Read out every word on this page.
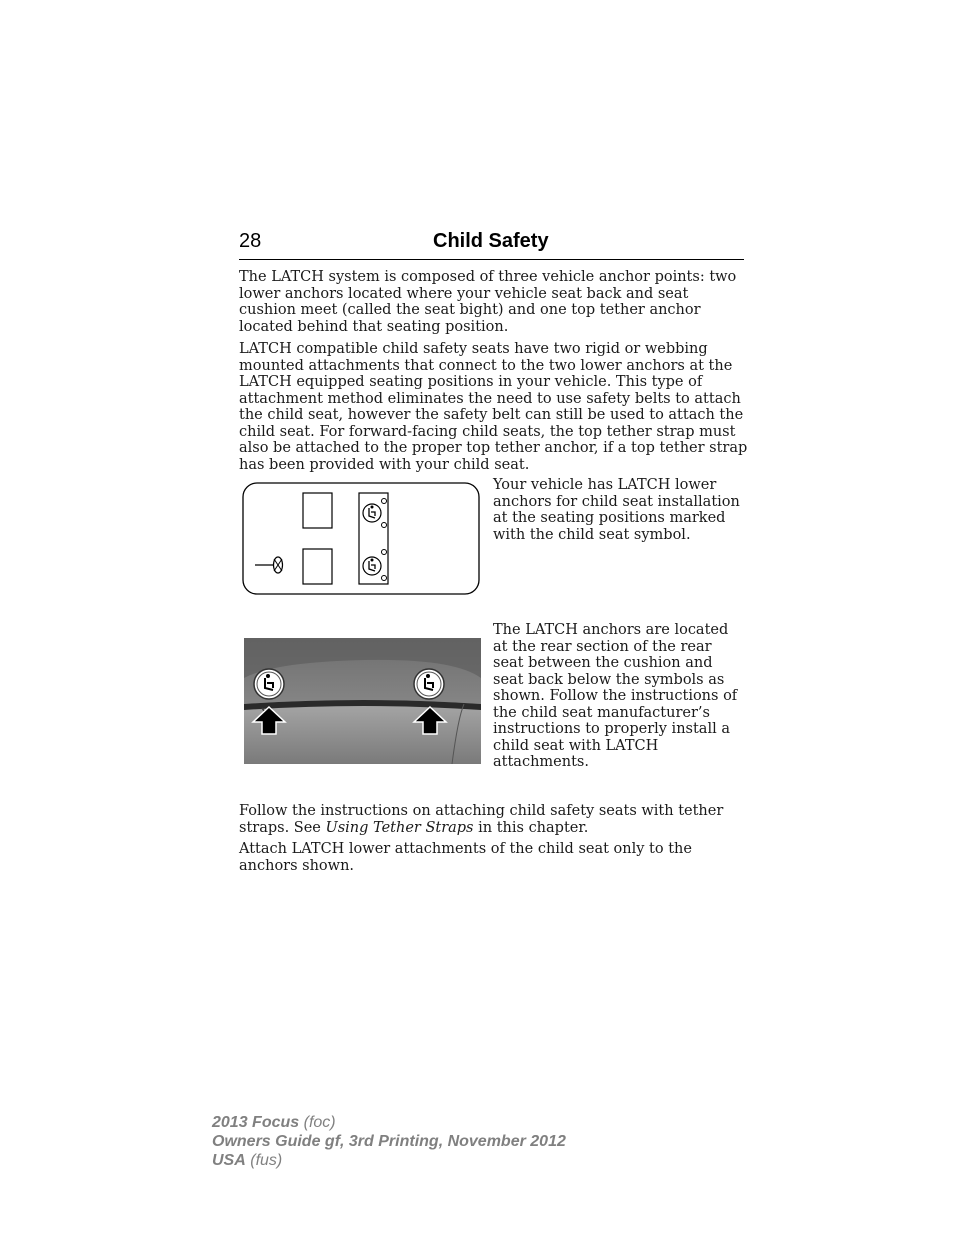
28	Child Safety

The LATCH system is composed of three vehicle anchor points: two lower anchors located where your vehicle seat back and seat cushion meet (called the seat bight) and one top tether anchor located behind that seating position.

LATCH compatible child safety seats have two rigid or webbing mounted attachments that connect to the two lower anchors at the LATCH equipped seating positions in your vehicle. This type of attachment method eliminates the need to use safety belts to attach the child seat, however the safety belt can still be used to attach the child seat. For forward-facing child seats, the top tether strap must also be attached to the proper top tether anchor, if a top tether strap has been provided with your child seat.

Your vehicle has LATCH lower anchors for child seat installation at the seating positions marked with the child seat symbol.

The LATCH anchors are located at the rear section of the rear seat between the cushion and seat back below the symbols as shown. Follow the instructions of the child seat manufacturer’s instructions to properly install a child seat with LATCH attachments.

Follow the instructions on attaching child safety seats with tether straps. See Using Tether Straps in this chapter.

Attach LATCH lower attachments of the child seat only to the anchors shown.

2013 Focus (foc)
Owners Guide gf, 3rd Printing, November 2012
USA (fus)
